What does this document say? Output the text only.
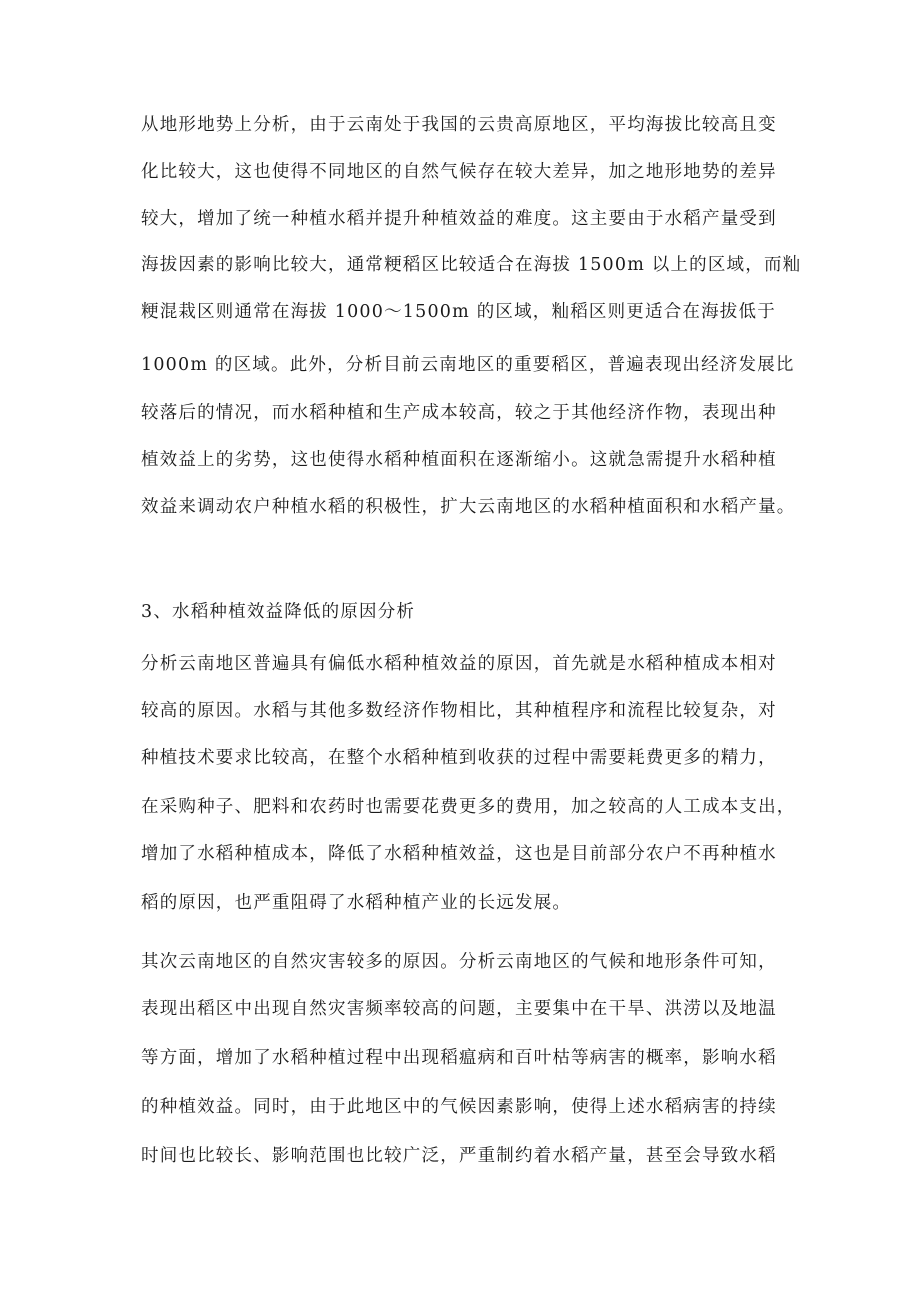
从地形地势上分析，由于云南处于我国的云贵高原地区，平均海拔比较高且变
化比较大，这也使得不同地区的自然气候存在较大差异，加之地形地势的差异
较大，增加了统一种植水稻并提升种植效益的难度。这主要由于水稻产量受到
海拔因素的影响比较大，通常粳稻区比较适合在海拔 1500m 以上的区域，而籼
粳混栽区则通常在海拔 1000～1500m 的区域，籼稻区则更适合在海拔低于
1000m 的区域。此外，分析目前云南地区的重要稻区，普遍表现出经济发展比
较落后的情况，而水稻种植和生产成本较高，较之于其他经济作物，表现出种
植效益上的劣势，这也使得水稻种植面积在逐渐缩小。这就急需提升水稻种植
效益来调动农户种植水稻的积极性，扩大云南地区的水稻种植面积和水稻产量。
3、水稻种植效益降低的原因分析
分析云南地区普遍具有偏低水稻种植效益的原因，首先就是水稻种植成本相对
较高的原因。水稻与其他多数经济作物相比，其种植程序和流程比较复杂，对
种植技术要求比较高，在整个水稻种植到收获的过程中需要耗费更多的精力，
在采购种子、肥料和农药时也需要花费更多的费用，加之较高的人工成本支出，
增加了水稻种植成本，降低了水稻种植效益，这也是目前部分农户不再种植水
稻的原因，也严重阻碍了水稻种植产业的长远发展。
其次云南地区的自然灾害较多的原因。分析云南地区的气候和地形条件可知，
表现出稻区中出现自然灾害频率较高的问题，主要集中在干旱、洪涝以及地温
等方面，增加了水稻种植过程中出现稻瘟病和百叶枯等病害的概率，影响水稻
的种植效益。同时，由于此地区中的气候因素影响，使得上述水稻病害的持续
时间也比较长、影响范围也比较广泛，严重制约着水稻产量，甚至会导致水稻
